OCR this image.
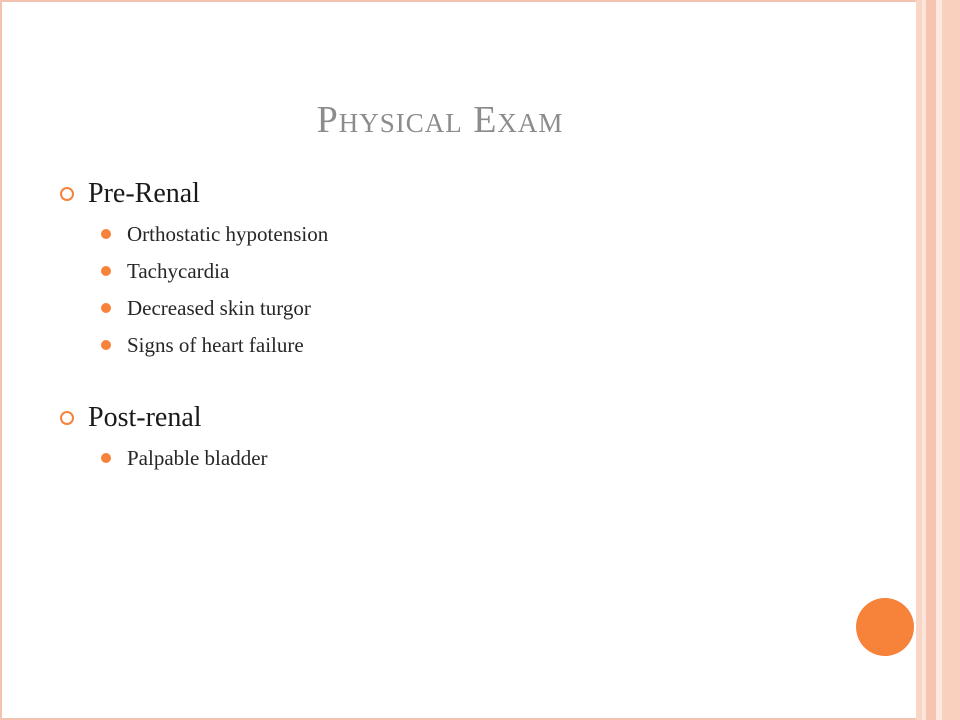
Physical Exam
Pre-Renal
Orthostatic hypotension
Tachycardia
Decreased skin turgor
Signs of heart failure
Post-renal
Palpable bladder
